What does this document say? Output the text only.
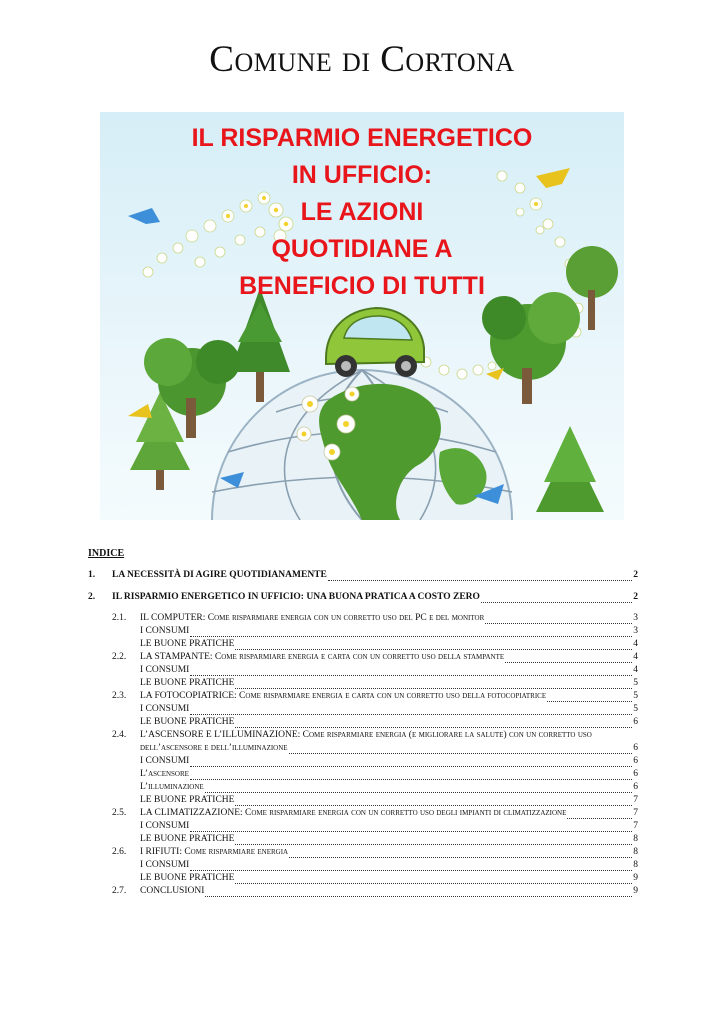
Comune di Cortona
IL RISPARMIO ENERGETICO
IN UFFICIO:
LE AZIONI
QUOTIDIANE A
BENEFICIO DI TUTTI
INDICE
1.	LA NECESSITÀ DI AGIRE QUOTIDIANAMENTE	2
2.	IL RISPARMIO ENERGETICO IN UFFICIO: UNA BUONA PRATICA A COSTO ZERO	2
2.1.	IL COMPUTER: Come risparmiare energia con un corretto uso del PC e del monitor	3
I CONSUMI	3
LE BUONE PRATICHE	4
2.2.	LA STAMPANTE: Come risparmiare energia e carta con un corretto uso della stampante	4
I CONSUMI	4
LE BUONE PRATICHE	5
2.3.	LA FOTOCOPIATRICE: Come risparmiare energia e carta con un corretto uso della fotocopiatrice	5
I CONSUMI	5
LE BUONE PRATICHE	6
2.4.	L’ASCENSORE E L’ILLUMINAZIONE: Come risparmiare energia (e migliorare la salute) con un corretto uso
dell’ascensore e dell’illuminazione	6
I CONSUMI	6
L’ascensore	6
L’illuminazione	6
LE BUONE PRATICHE	7
2.5.	LA CLIMATIZZAZIONE: Come risparmiare energia con un corretto uso degli impianti di climatizzazione	7
I CONSUMI	7
LE BUONE PRATICHE	8
2.6.	I RIFIUTI: Come risparmiare energia	8
I CONSUMI	8
LE BUONE PRATICHE	9
2.7.	CONCLUSIONI	9
